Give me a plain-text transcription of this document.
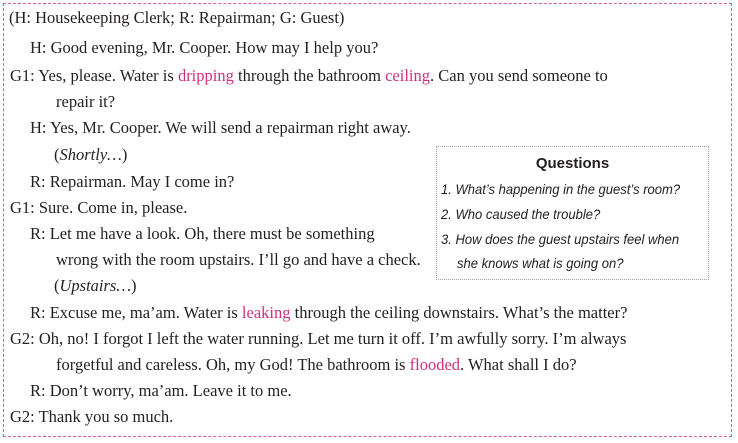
(H: Housekeeping Clerk; R: Repairman; G: Guest)
H: Good evening, Mr. Cooper. How may I help you?
G1: Yes, please. Water is dripping through the bathroom ceiling. Can you send someone to
repair it?
H: Yes, Mr. Cooper. We will send a repairman right away.
(Shortly…)
R: Repairman. May I come in?
G1: Sure. Come in, please.
R: Let me have a look. Oh, there must be something
wrong with the room upstairs. I’ll go and have a check.
(Upstairs…)
R: Excuse me, ma’am. Water is leaking through the ceiling downstairs. What’s the matter?
G2: Oh, no! I forgot I left the water running. Let me turn it off. I’m awfully sorry. I’m always
forgetful and careless. Oh, my God! The bathroom is flooded. What shall I do?
R: Don’t worry, ma’am. Leave it to me.
G2: Thank you so much.
Questions
1. What’s happening in the guest’s room?
2. Who caused the trouble?
3. How does the guest upstairs feel when
she knows what is going on?
